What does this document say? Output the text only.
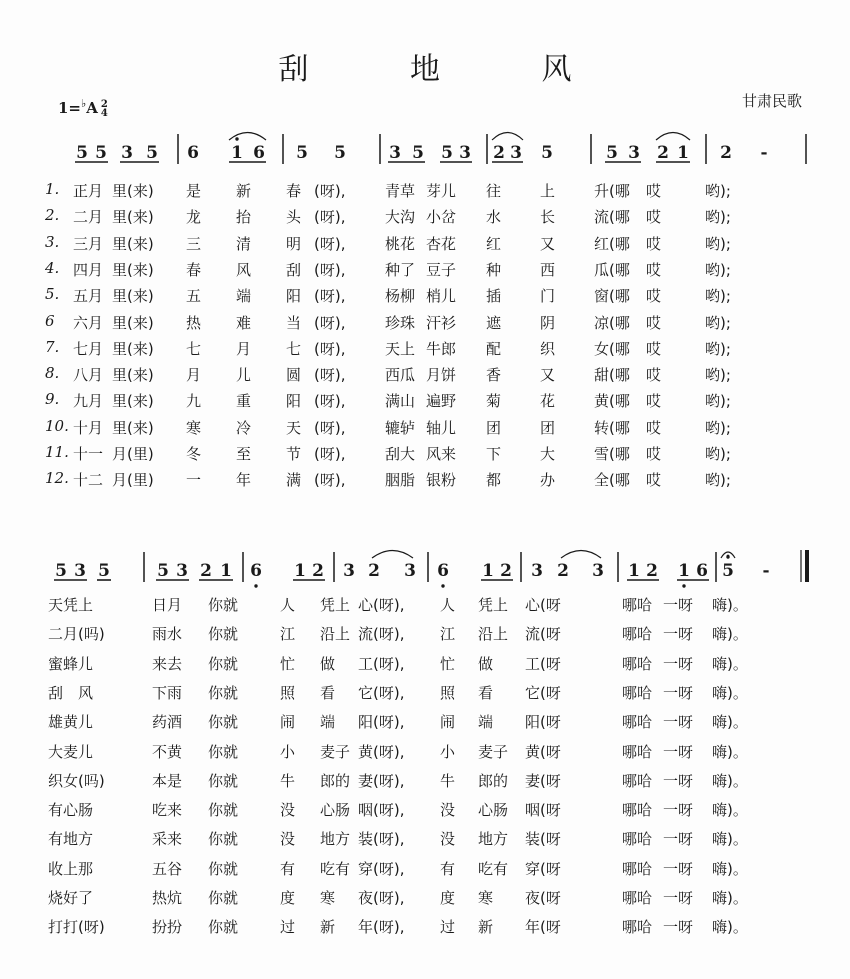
刮 地 风
甘肃民歌
1=♭A 2
4
5 5 3 5 6 1 6 5 5	3 5 5 3 2 3 5	5 3 2 1 2 -
1. 正月 里(来) 是 新 春 (呀),	青草 芽儿 往	上	升(哪 哎	哟);
2. 二月 里(来) 龙 抬 头 (呀),	大沟 小岔 水	长	流(哪 哎	哟);
3. 三月 里(来) 三 清 明 (呀),	桃花 杏花 红	又	红(哪 哎	哟);
4. 四月 里(来) 春 风 刮 (呀),	种了 豆子 种	西	瓜(哪 哎	哟);
5. 五月 里(来) 五 端 阳 (呀),	杨柳 梢儿 插	门	窗(哪 哎	哟);
6 六月 里(来) 热 难 当 (呀),	珍珠 汗衫 遮	阴	凉(哪 哎	哟);
7. 七月 里(来) 七 月 七 (呀),	天上 牛郎 配	织	女(哪 哎	哟);
8. 八月 里(来) 月 儿 圆 (呀),	西瓜 月饼 香	又	甜(哪 哎	哟);
9. 九月 里(来) 九 重 阳 (呀),	满山 遍野 菊	花	黄(哪 哎	哟);
10. 十月 里(来) 寒 冷 天 (呀),	辘轳 轴儿 团	团	转(哪 哎	哟);
11. 十一 月(里) 冬 至 节 (呀),	刮大 风来 下	大	雪(哪 哎	哟);
12. 十二 月(里) 一 年 满 (呀),	胭脂 银粉 都	办	全(哪 哎	哟);
5 3 5	5 3 2 1 6 1 2 3 2 3 6 1 2 3 2 3 1 2 1 6 5 -
天凭上	日月 你就	人 凭上 心(呀), 人 凭上 心(呀	哪哈 一呀 嗨)。
二月(吗)	雨水 你就	江 沿上 流(呀), 江 沿上 流(呀	哪哈 一呀 嗨)。
蜜蜂儿	来去 你就	忙 做 工(呀), 忙 做 工(呀	哪哈 一呀 嗨)。
刮　风	下雨 你就	照 看 它(呀), 照 看 它(呀	哪哈 一呀 嗨)。
雄黄儿	药酒 你就	闹 端 阳(呀), 闹 端 阳(呀	哪哈 一呀 嗨)。
大麦儿	不黄 你就	小 麦子 黄(呀), 小 麦子 黄(呀	哪哈 一呀 嗨)。
织女(吗)	本是 你就	牛 郎的 妻(呀), 牛 郎的 妻(呀	哪哈 一呀 嗨)。
有心肠	吃来 你就	没 心肠 咽(呀), 没 心肠 咽(呀	哪哈 一呀 嗨)。
有地方	采来 你就	没 地方 装(呀), 没 地方 装(呀	哪哈 一呀 嗨)。
收上那	五谷 你就	有 吃有 穿(呀), 有 吃有 穿(呀	哪哈 一呀 嗨)。
烧好了	热炕 你就	度 寒 夜(呀), 度 寒 夜(呀	哪哈 一呀 嗨)。
打打(呀)	扮扮 你就	过 新 年(呀), 过 新 年(呀	哪哈 一呀 嗨)。
